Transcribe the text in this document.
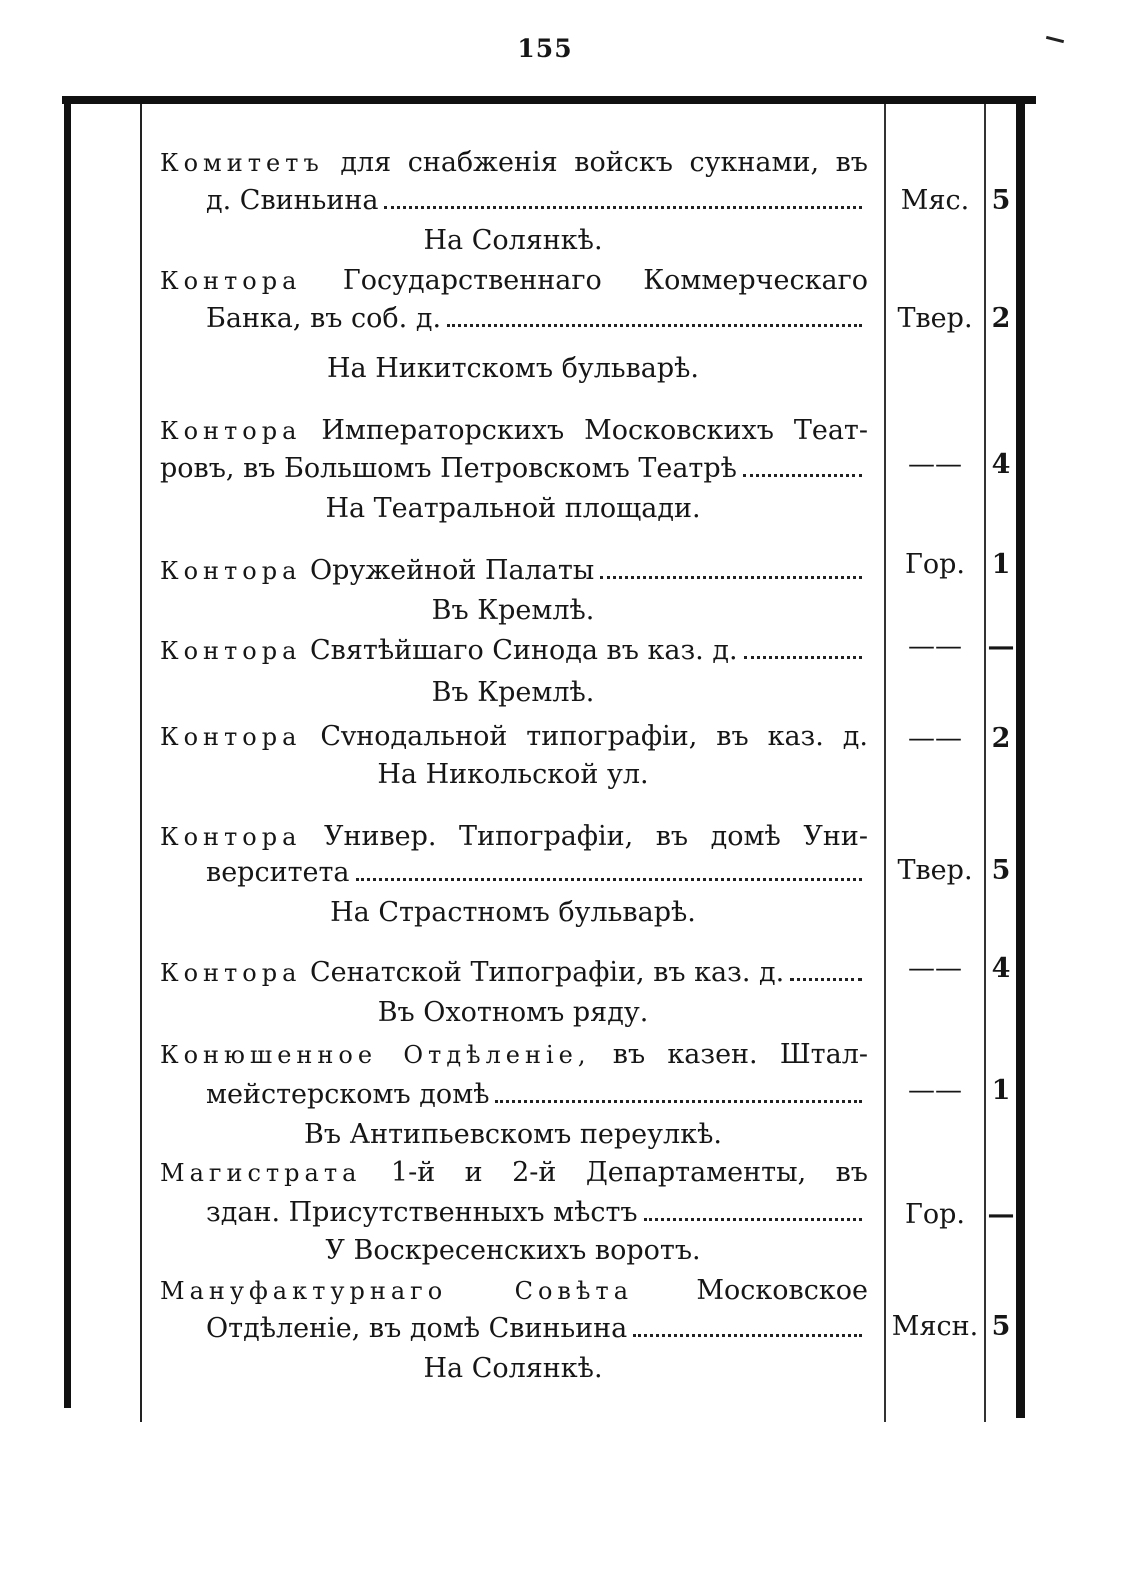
155
Комитетъ для снабженія войскъ сукнами, въ
д. Свиньина	Мяс. 5
На Солянкѣ.
Контора Государственнаго Коммерческаго
Банка, въ соб. д.	Твер. 2
На Никитскомъ бульварѣ.
Контора Императорскихъ Московскихъ Теат-
ровъ, въ Большомъ Петровскомъ Театрѣ	——	4
На Театральной площади.
Контора
Оружейной Палаты	Гор. 1
Въ Кремлѣ.
Контора
Святѣйшаго Синода въ каз. д.	—— —
Въ Кремлѣ.
Контора Сvнодальной типографіи, въ каз. д.	——	2
На Никольской ул.
Контора Универ. Типографіи, въ домѣ Уни-
верситета	Твер. 5
На Страстномъ бульварѣ.
Контора
Сенатской Типографіи, въ каз. д.	——	4
Въ Охотномъ ряду.
Конюшенное Отдѣленіе, въ казен. Штал-
мейстерскомъ домѣ	——	1
Въ Антипьевскомъ переулкѣ.
Магистрата 1-й и 2-й Департаменты, въ
здан. Присутственныхъ мѣстъ	Гор. —
У Воскресенскихъ воротъ.
Мануфактурнаго Совѣта Московское
Отдѣленіе, въ домѣ Свиньина	Мясн. 5
На Солянкѣ.
